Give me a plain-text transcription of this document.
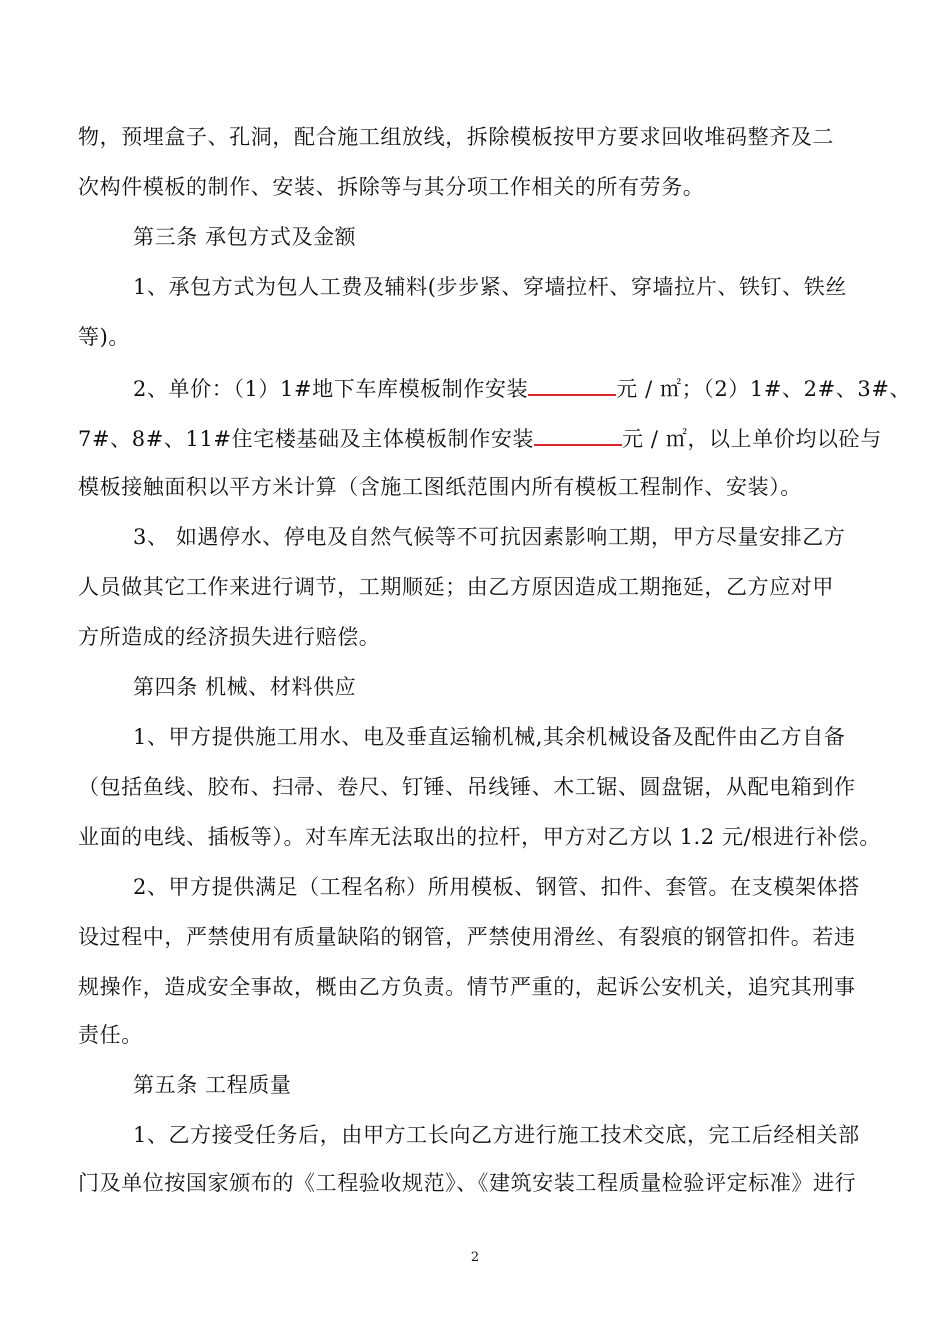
物，预埋盒子、孔洞，配合施工组放线，拆除模板按甲方要求回收堆码整齐及二
次构件模板的制作、安装、拆除等与其分项工作相关的所有劳务。
第三条 承包方式及金额
1、承包方式为包人工费及辅料(步步紧、穿墙拉杆、穿墙拉片、铁钉、铁丝
等)。
2、单价：（1）1#地下车库模板制作安装	元 / ㎡；（2）1#、2#、3#、
7#、8#、11#住宅楼基础及主体模板制作安装	元 / ㎡，以上单价均以砼与
模板接触面积以平方米计算（含施工图纸范围内所有模板工程制作、安装）。
3、 如遇停水、停电及自然气候等不可抗因素影响工期，甲方尽量安排乙方
人员做其它工作来进行调节，工期顺延；由乙方原因造成工期拖延，乙方应对甲
方所造成的经济损失进行赔偿。
第四条 机械、材料供应
1、甲方提供施工用水、电及垂直运输机械,其余机械设备及配件由乙方自备
（包括鱼线、胶布、扫帚、卷尺、钉锤、吊线锤、木工锯、圆盘锯，从配电箱到作
业面的电线、插板等）。对车库无法取出的拉杆，甲方对乙方以 1.2 元/根进行补偿。
2、甲方提供满足（工程名称）所用模板、钢管、扣件、套管。在支模架体搭
设过程中，严禁使用有质量缺陷的钢管，严禁使用滑丝、有裂痕的钢管扣件。若违
规操作，造成安全事故，概由乙方负责。情节严重的，起诉公安机关，追究其刑事
责任。
第五条 工程质量
1、乙方接受任务后，由甲方工长向乙方进行施工技术交底，完工后经相关部
门及单位按国家颁布的《工程验收规范》、《建筑安装工程质量检验评定标准》进行
2
